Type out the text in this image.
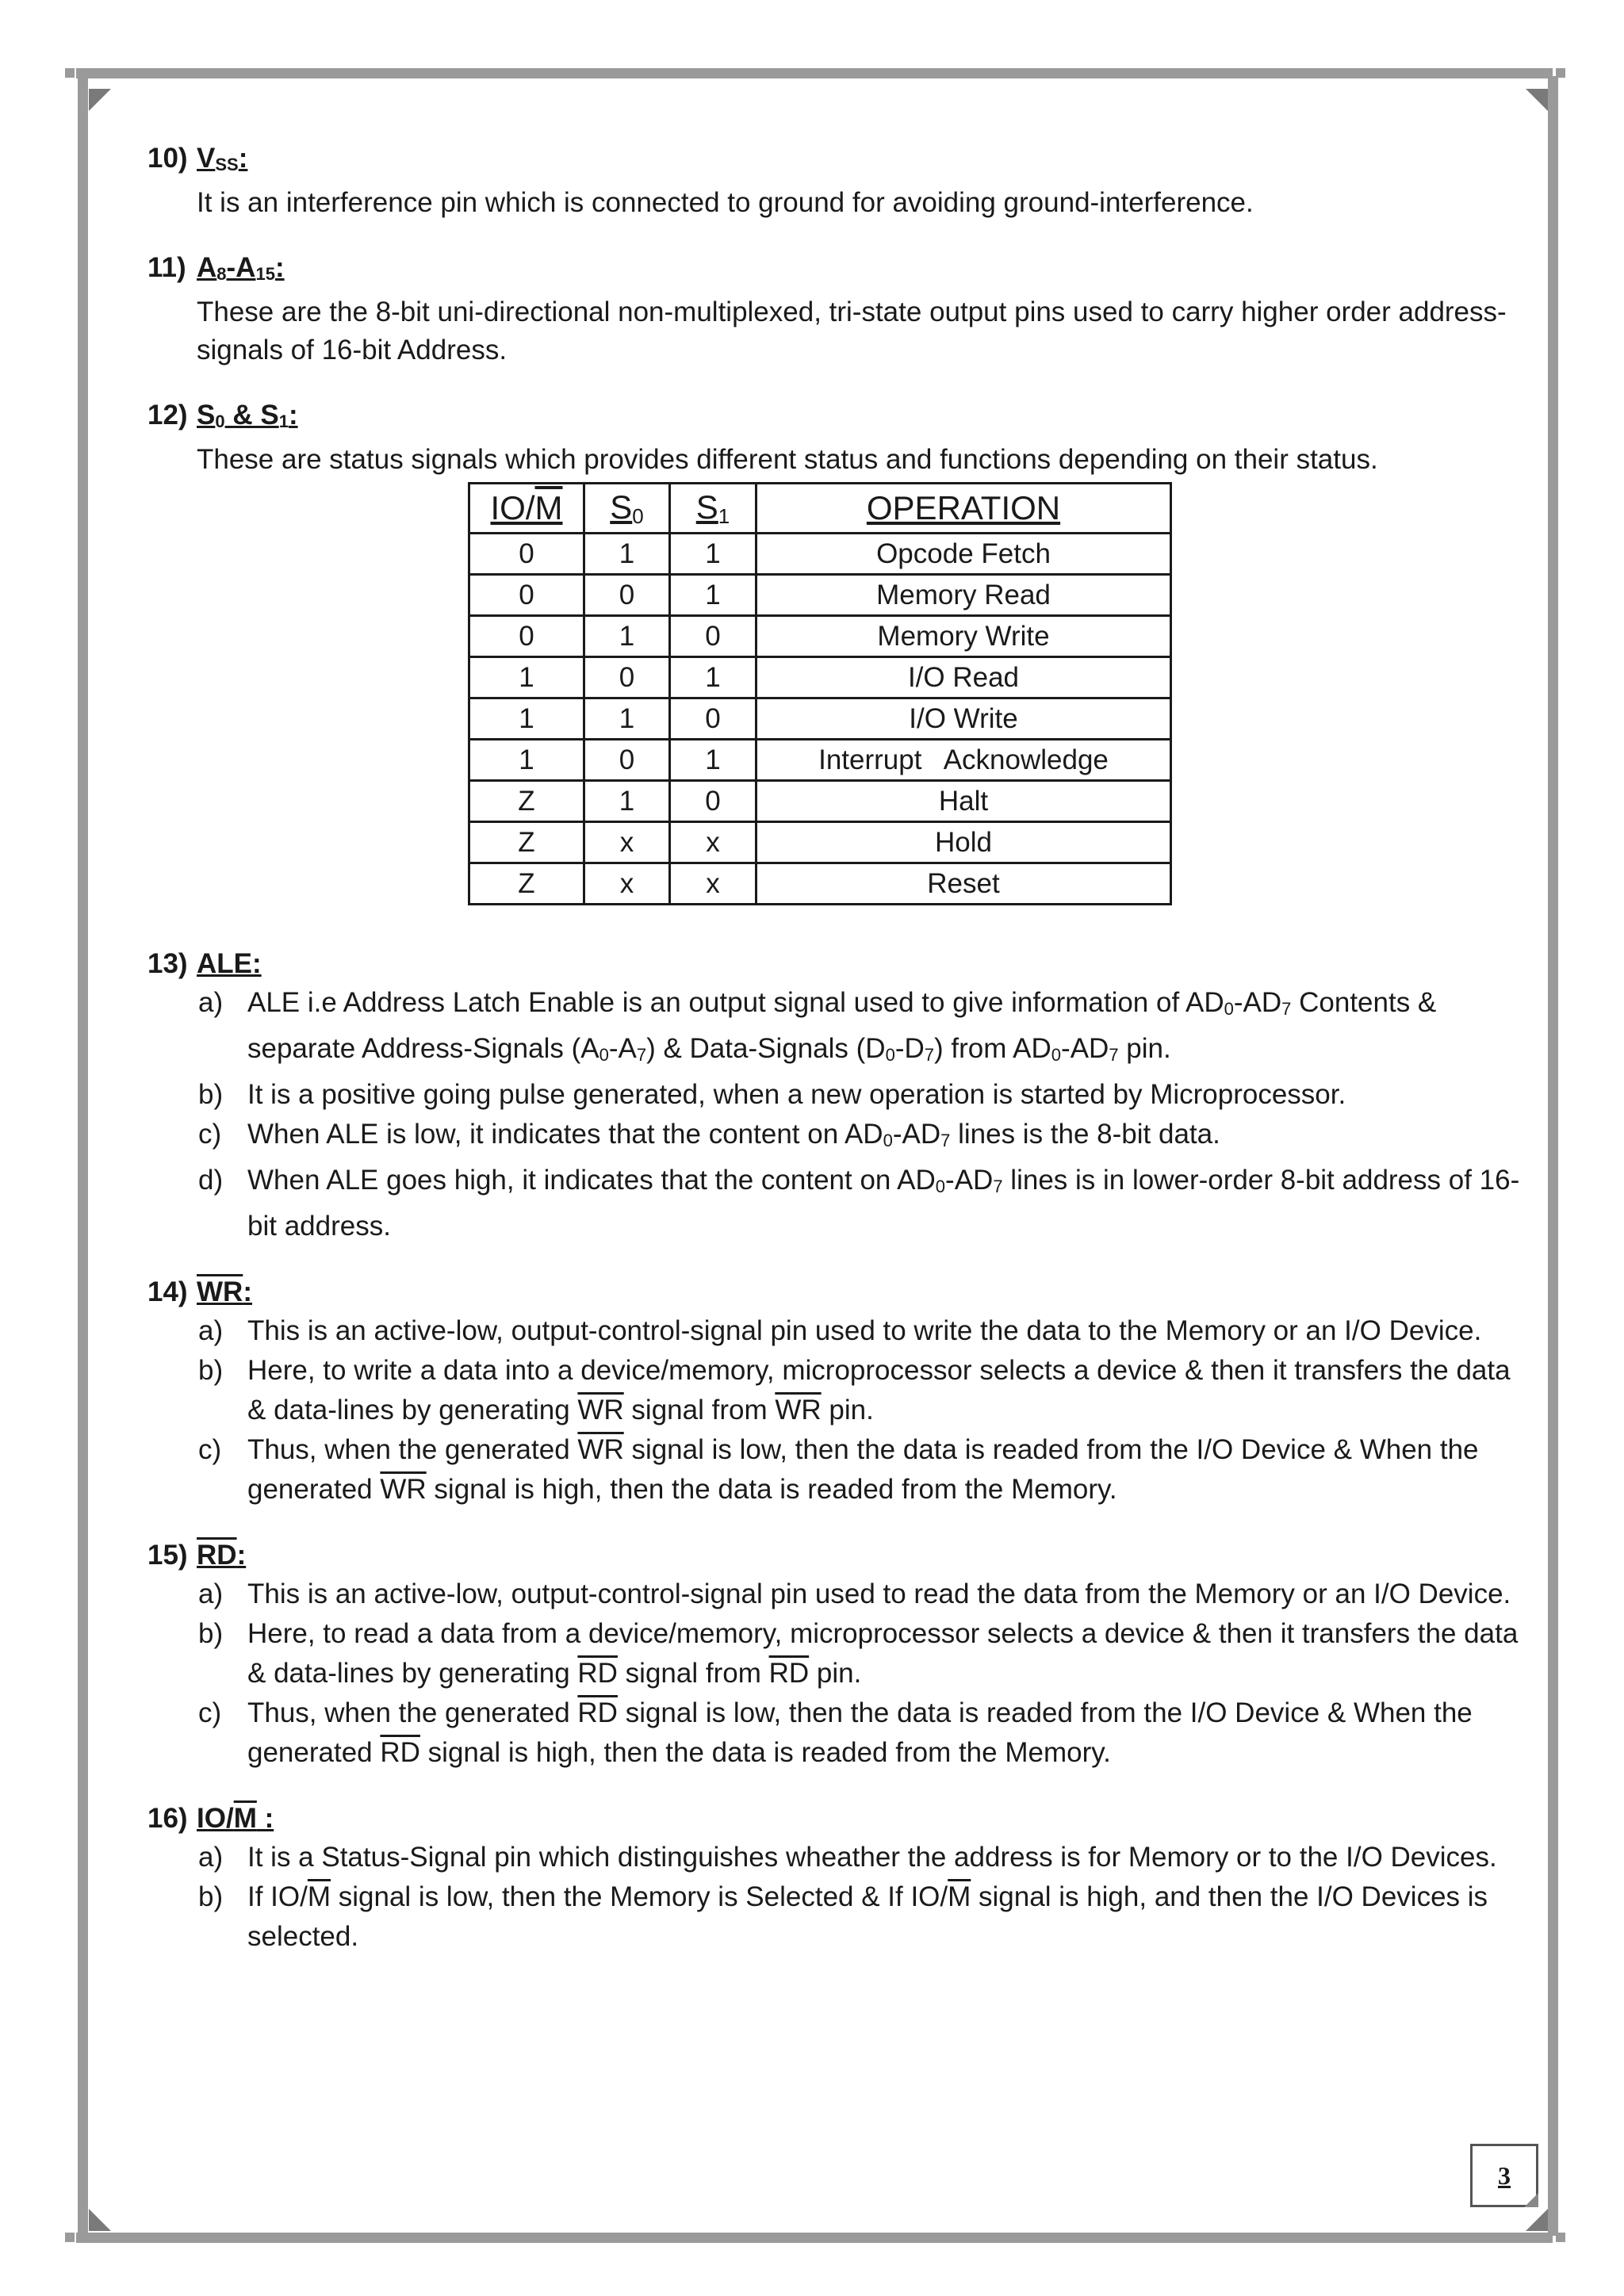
10) VSS:
It is an interference pin which is connected to ground for avoiding ground-interference.
11) A8-A15:
These are the 8-bit uni-directional non-multiplexed, tri-state output pins used to carry higher order address-signals of 16-bit Address.
12) S0 & S1:
These are status signals which provides different status and functions depending on their status.
IO/M	S0	S1	OPERATION
0	1	1	Opcode Fetch
0	0	1	Memory Read
0	1	0	Memory Write
1	0	1	I/O Read
1	1	0	I/O Write
1	0	1	Interrupt   Acknowledge
Z	1	0	Halt
Z	x	x	Hold
Z	x	x	Reset
13) ALE:
a) ALE i.e Address Latch Enable is an output signal used to give information of AD0-AD7 Contents & separate Address-Signals (A0-A7) & Data-Signals (D0-D7) from AD0-AD7 pin.
b) It is a positive going pulse generated, when a new operation is started by Microprocessor.
c) When ALE is low, it indicates that the content on AD0-AD7 lines is the 8-bit data.
d) When ALE goes high, it indicates that the content on AD0-AD7 lines is in lower-order 8-bit address of 16-bit address.
14) WR:
a) This is an active-low, output-control-signal pin used to write the data to the Memory or an I/O Device.
b) Here, to write a data into a device/memory, microprocessor selects a device & then it transfers the data & data-lines by generating $\overline{WR}$ signal from $\overline{WR}$ pin.
c) Thus, when the generated $\overline{WR}$ signal is low, then the data is readed from the I/O Device & When the generated $\overline{WR}$ signal is high, then the data is readed from the Memory.
15) RD:
a) This is an active-low, output-control-signal pin used to read the data from the Memory or an I/O Device.
b) Here, to read a data from a device/memory, microprocessor selects a device & then it transfers the data & data-lines by generating $\overline{RD}$ signal from $\overline{RD}$ pin.
c) Thus, when the generated $\overline{RD}$ signal is low, then the data is readed from the I/O Device & When the generated $\overline{RD}$ signal is high, then the data is readed from the Memory.
16) IO/M :
a) It is a Status-Signal pin which distinguishes wheather the address is for Memory or to the I/O Devices.
b) If $IO/\overline{M}$ signal is low, then the Memory is Selected & If $IO/\overline{M}$ signal is high, and then the I/O Devices is selected.
3
